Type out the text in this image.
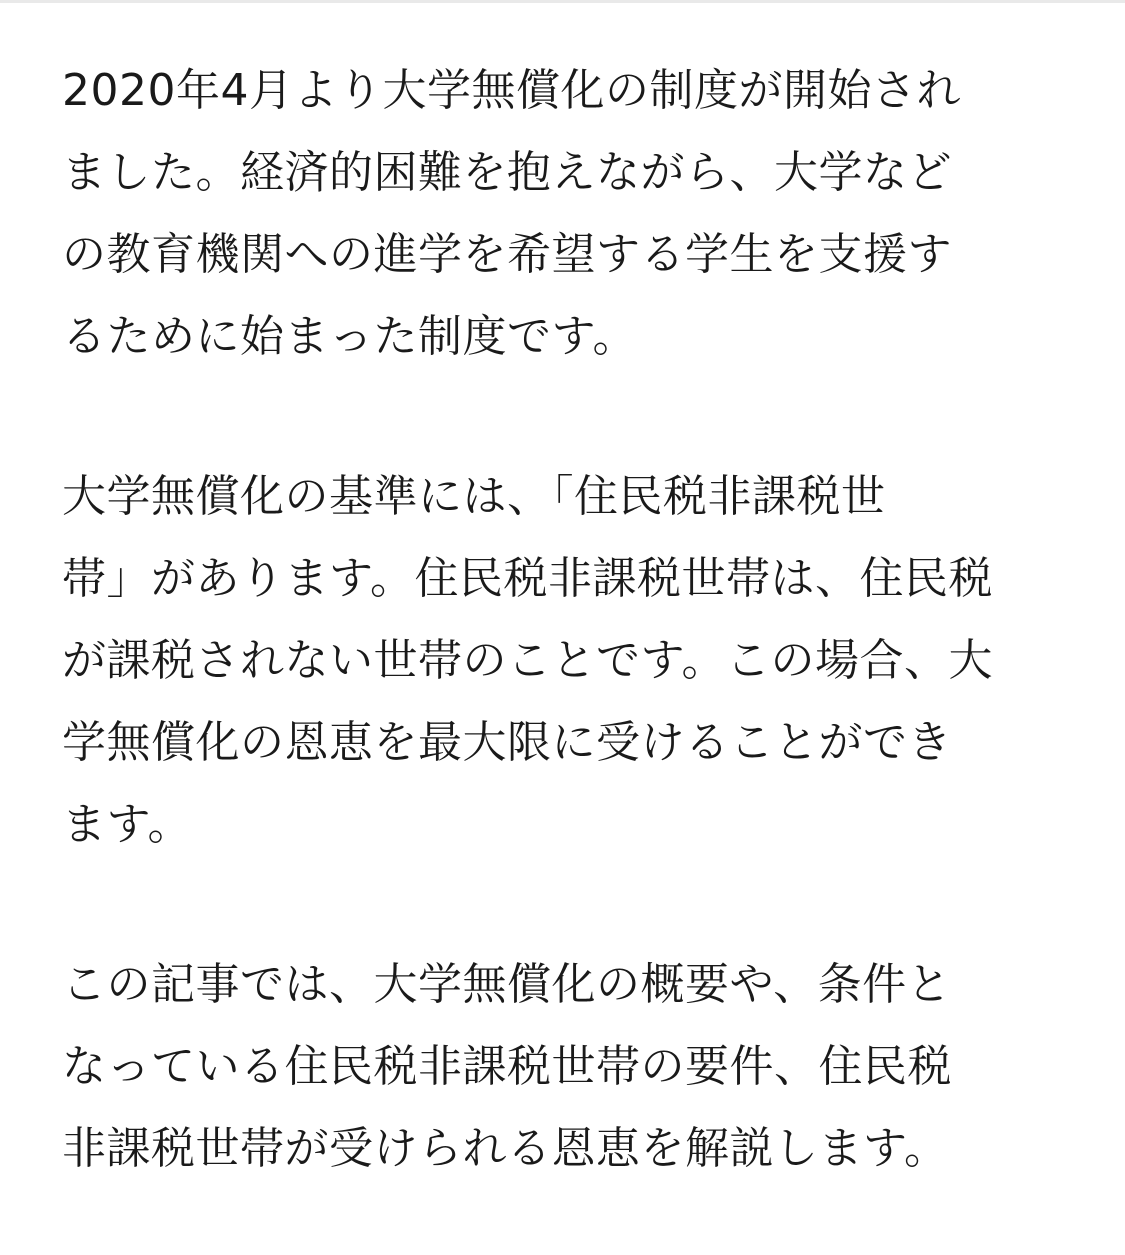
2020年4月より大学無償化の制度が開始され
ました。経済的困難を抱えながら、大学など
の教育機関への進学を希望する学生を支援す
るために始まった制度です。
大学無償化の基準には、「住民税非課税世
帯」があります。住民税非課税世帯は、住民税
が課税されない世帯のことです。この場合、大
学無償化の恩恵を最大限に受けることができ
ます。
この記事では、大学無償化の概要や、条件と
なっている住民税非課税世帯の要件、住民税
非課税世帯が受けられる恩恵を解説します。
